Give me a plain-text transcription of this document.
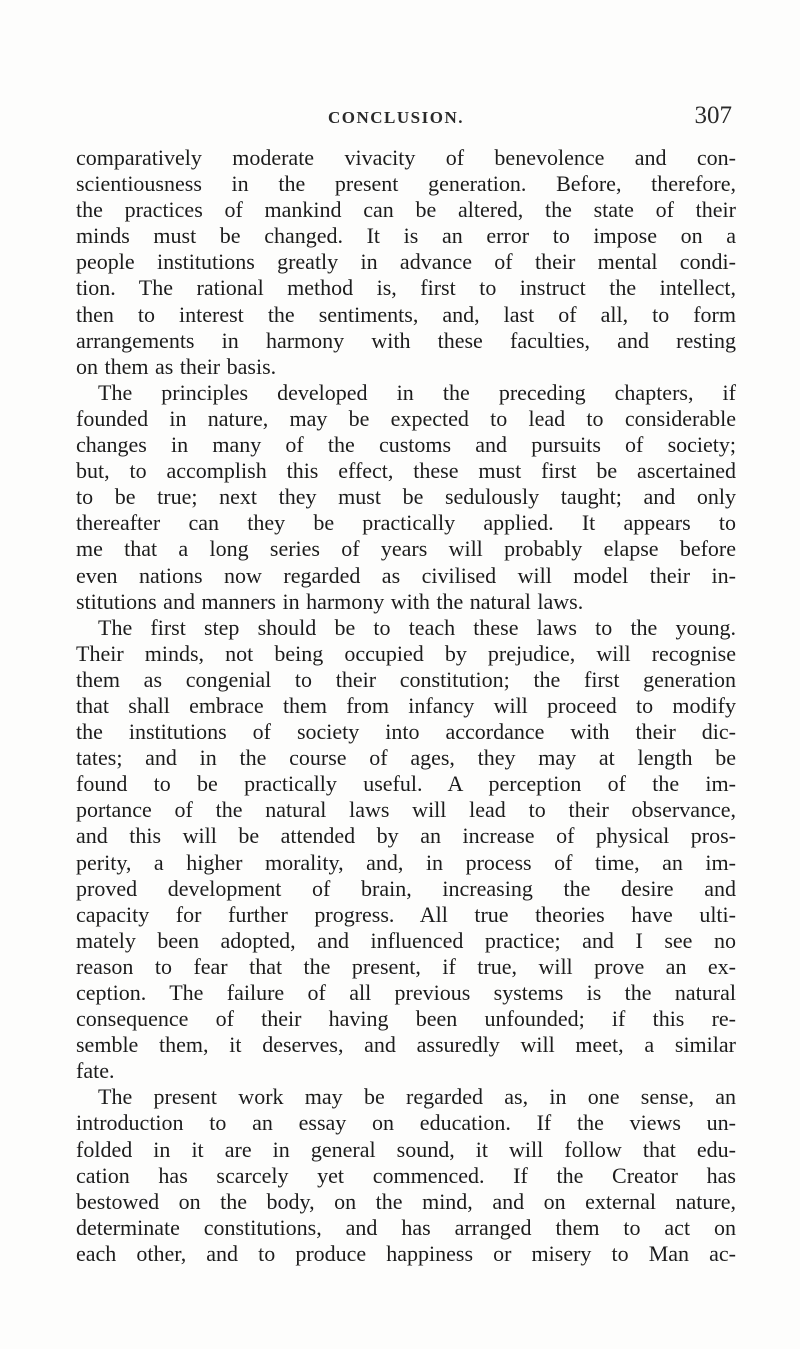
CONCLUSION.	307
comparatively moderate vivacity of benevolence and con-
scientiousness in the present generation. Before, therefore,
the practices of mankind can be altered, the state of their
minds must be changed. It is an error to impose on a
people institutions greatly in advance of their mental condi-
tion. The rational method is, first to instruct the intellect,
then to interest the sentiments, and, last of all, to form
arrangements in harmony with these faculties, and resting
on them as their basis.
The principles developed in the preceding chapters, if
founded in nature, may be expected to lead to considerable
changes in many of the customs and pursuits of society;
but, to accomplish this effect, these must first be ascertained
to be true; next they must be sedulously taught; and only
thereafter can they be practically applied. It appears to
me that a long series of years will probably elapse before
even nations now regarded as civilised will model their in-
stitutions and manners in harmony with the natural laws.
The first step should be to teach these laws to the young.
Their minds, not being occupied by prejudice, will recognise
them as congenial to their constitution; the first generation
that shall embrace them from infancy will proceed to modify
the institutions of society into accordance with their dic-
tates; and in the course of ages, they may at length be
found to be practically useful. A perception of the im-
portance of the natural laws will lead to their observance,
and this will be attended by an increase of physical pros-
perity, a higher morality, and, in process of time, an im-
proved development of brain, increasing the desire and
capacity for further progress. All true theories have ulti-
mately been adopted, and influenced practice; and I see no
reason to fear that the present, if true, will prove an ex-
ception. The failure of all previous systems is the natural
consequence of their having been unfounded; if this re-
semble them, it deserves, and assuredly will meet, a similar
fate.
The present work may be regarded as, in one sense, an
introduction to an essay on education. If the views un-
folded in it are in general sound, it will follow that edu-
cation has scarcely yet commenced. If the Creator has
bestowed on the body, on the mind, and on external nature,
determinate constitutions, and has arranged them to act on
each other, and to produce happiness or misery to Man ac-
